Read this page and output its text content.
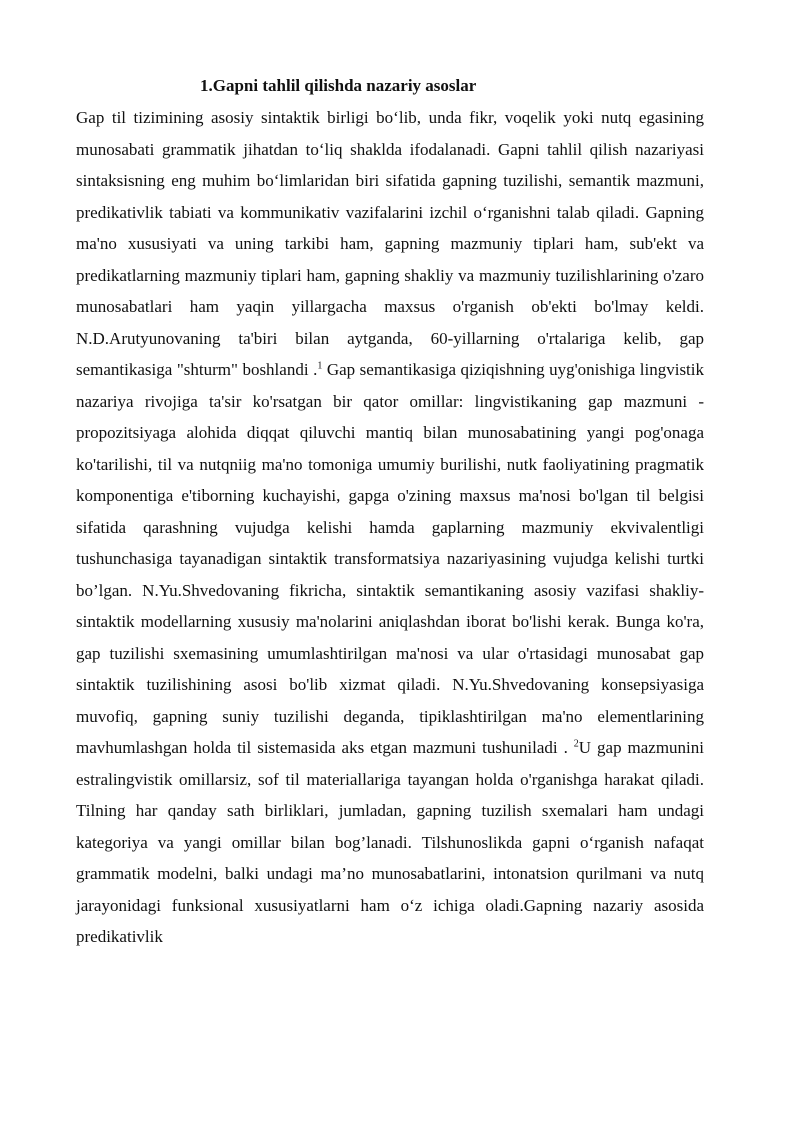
1.Gapni tahlil qilishda nazariy asoslar

Gap til tizimining asosiy sintaktik birligi bo‘lib, unda fikr, voqelik yoki nutq egasining munosabati grammatik jihatdan to‘liq shaklda ifodalanadi. Gapni tahlil qilish nazariyasi sintaksisning eng muhim bo‘limlaridan biri sifatida gapning tuzilishi, semantik mazmuni, predikativlik tabiati va kommunikativ vazifalarini izchil o‘rganishni talab qiladi. Gapning ma'no xususiyati va uning tarkibi ham, gapning mazmuniy tiplari ham, sub'ekt va predikatlarning mazmuniy tiplari ham, gapning shakliy va mazmuniy tuzilishlarining o'zaro munosabatlari ham yaqin yillargacha maxsus o'rganish ob'ekti bo'lmay keldi. N.D.Arutyunovaning ta'biri bilan aytganda, 60-yillarning o'rtalariga kelib, gap semantikasiga "shturm" boshlandi .$^1$ Gap semantikasiga qiziqishning uyg'onishiga lingvistik nazariya rivojiga ta'sir ko'rsatgan bir qator omillar: lingvistikaning gap mazmuni - propozitsiyaga alohida diqqat qiluvchi mantiq bilan munosabatining yangi pog'onaga ko'tarilishi, til va nutqniig ma'no tomoniga umumiy burilishi, nutk faoliyatining pragmatik komponentiga e'tiborning kuchayishi, gapga o'zining maxsus ma'nosi bo'lgan til belgisi sifatida qarashning vujudga kelishi hamda gaplarning mazmuniy ekvivalentligi tushunchasiga tayanadigan sintaktik transformatsiya nazariyasining vujudga kelishi turtki bo’lgan. N.Yu.Shvedovaning fikricha, sintaktik semantikaning asosiy vazifasi shakliy-sintaktik modellarning xususiy ma'nolarini aniqlashdan iborat bo'lishi kerak. Bunga ko'ra, gap tuzilishi sxemasining umumlashtirilgan ma'nosi va ular o'rtasidagi munosabat gap sintaktik tuzilishining asosi bo'lib xizmat qiladi. N.Yu.Shvedovaning konsepsiyasiga muvofiq, gapning suniy tuzilishi deganda, tipiklashtirilgan ma'no elementlarining mavhumlashgan holda til sistemasida aks etgan mazmuni tushuniladi . $^2$U gap mazmunini estralingvistik omillarsiz, sof til materiallariga tayangan holda o'rganishga harakat qiladi. Tilning har qanday sath birliklari, jumladan, gapning tuzilish sxemalari ham undagi kategoriya va yangi omillar bilan bog’lanadi. Tilshunoslikda gapni o‘rganish nafaqat grammatik modelni, balki undagi ma’no munosabatlarini, intonatsion qurilmani va nutq jarayonidagi funksional xususiyatlarni ham o‘z ichiga oladi.Gapning nazariy asosida predikativlik
